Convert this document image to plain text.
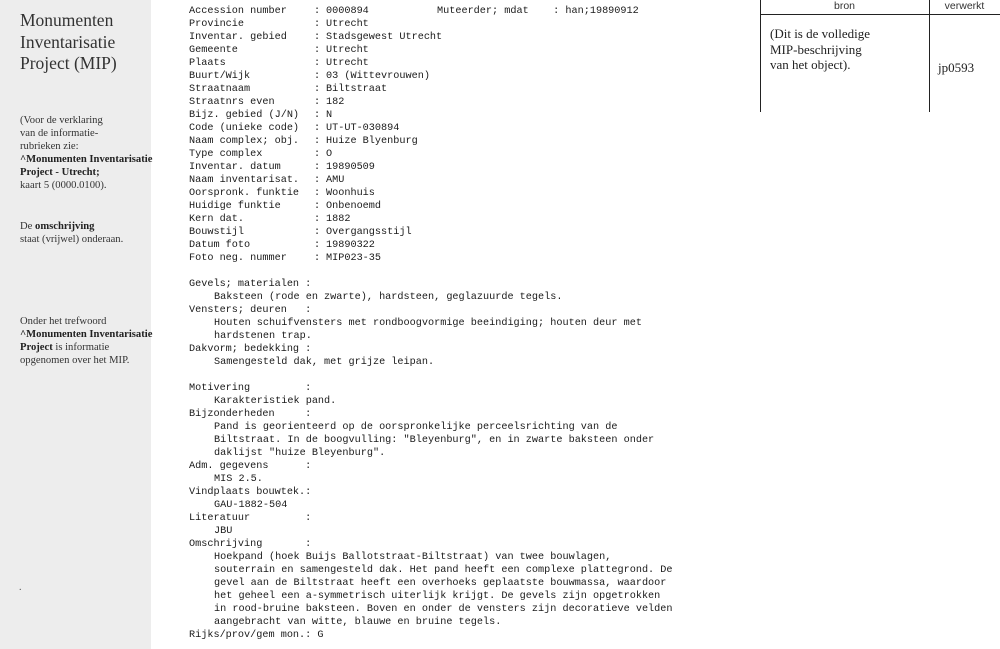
Monumenten
Inventarisatie
Project (MIP)
(Voor de verklaring
van de informatie-
rubrieken zie:
^Monumenten Inventarisatie
Project - Utrecht;
kaart 5 (0000.0100).
De omschrijving
staat (vrijwel) onderaan.
Onder het trefwoord
^Monumenten Inventarisatie
Project is informatie
opgenomen over het MIP.
.
Muteerder; mdat    : han;19890912
Accession number	: 0000894
Provincie	: Utrecht
Inventar. gebied	: Stadsgewest Utrecht
Gemeente	: Utrecht
Plaats	: Utrecht
Buurt/Wijk	: 03 (Wittevrouwen)
Straatnaam	: Biltstraat
Straatnrs even	: 182
Bijz. gebied (J/N)	: N
Code (unieke code)	: UT-UT-030894
Naam complex; obj.	: Huize Blyenburg
Type complex	: O
Inventar. datum	: 19890509
Naam inventarisat.	: AMU
Oorspronk. funktie	: Woonhuis
Huidige funktie	: Onbenoemd
Kern dat.	: 1882
Bouwstijl	: Overgangsstijl
Datum foto	: 19890322
Foto neg. nummer	: MIP023-35
Gevels; materialen :
Baksteen (rode en zwarte), hardsteen, geglazuurde tegels.
Vensters; deuren   :
Houten schuifvensters met rondboogvormige beeindiging; houten deur met
hardstenen trap.
Dakvorm; bedekking :
Samengesteld dak, met grijze leipan.
Motivering         :
Karakteristiek pand.
Bijzonderheden     :
Pand is georienteerd op de oorspronkelijke perceelsrichting van de
Biltstraat. In de boogvulling: "Bleyenburg", en in zwarte baksteen onder
daklijst "huize Bleyenburg".
Adm. gegevens      :
MIS 2.5.
Vindplaats bouwtek.:
GAU-1882-504
Literatuur         :
JBU
Omschrijving       :
Hoekpand (hoek Buijs Ballotstraat-Biltstraat) van twee bouwlagen,
souterrain en samengesteld dak. Het pand heeft een complexe plattegrond. De
gevel aan de Biltstraat heeft een overhoeks geplaatste bouwmassa, waardoor
het geheel een a-symmetrisch uiterlijk krijgt. De gevels zijn opgetrokken
in rood-bruine baksteen. Boven en onder de vensters zijn decoratieve velden
aangebracht van witte, blauwe en bruine tegels.
Rijks/prov/gem mon.: G
bron	verwerkt
(Dit is de volledige
MIP-beschrijving
van het object).	jp0593
